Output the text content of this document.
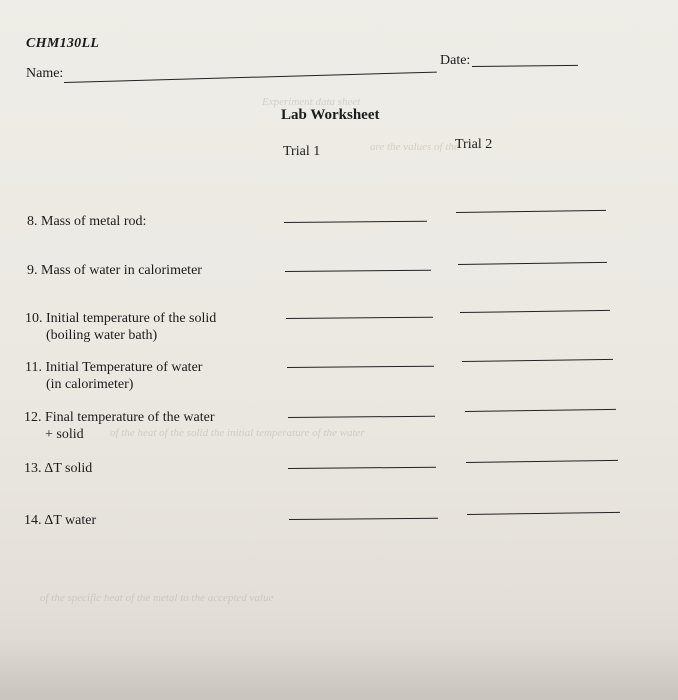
Experiment data sheet
are the values of the
of the heat of the solid the initial temperature of the water
of the specific heat of the metal to the accepted value
CHM130LL
Name:
Date:
Lab Worksheet
Trial 1	Trial 2
8. Mass of metal rod:
9. Mass of water in calorimeter
10. Initial temperature of the solid
(boiling water bath)
11. Initial Temperature of water
(in calorimeter)
12. Final temperature of the water
+ solid
13. ΔT solid
14. ΔT water
